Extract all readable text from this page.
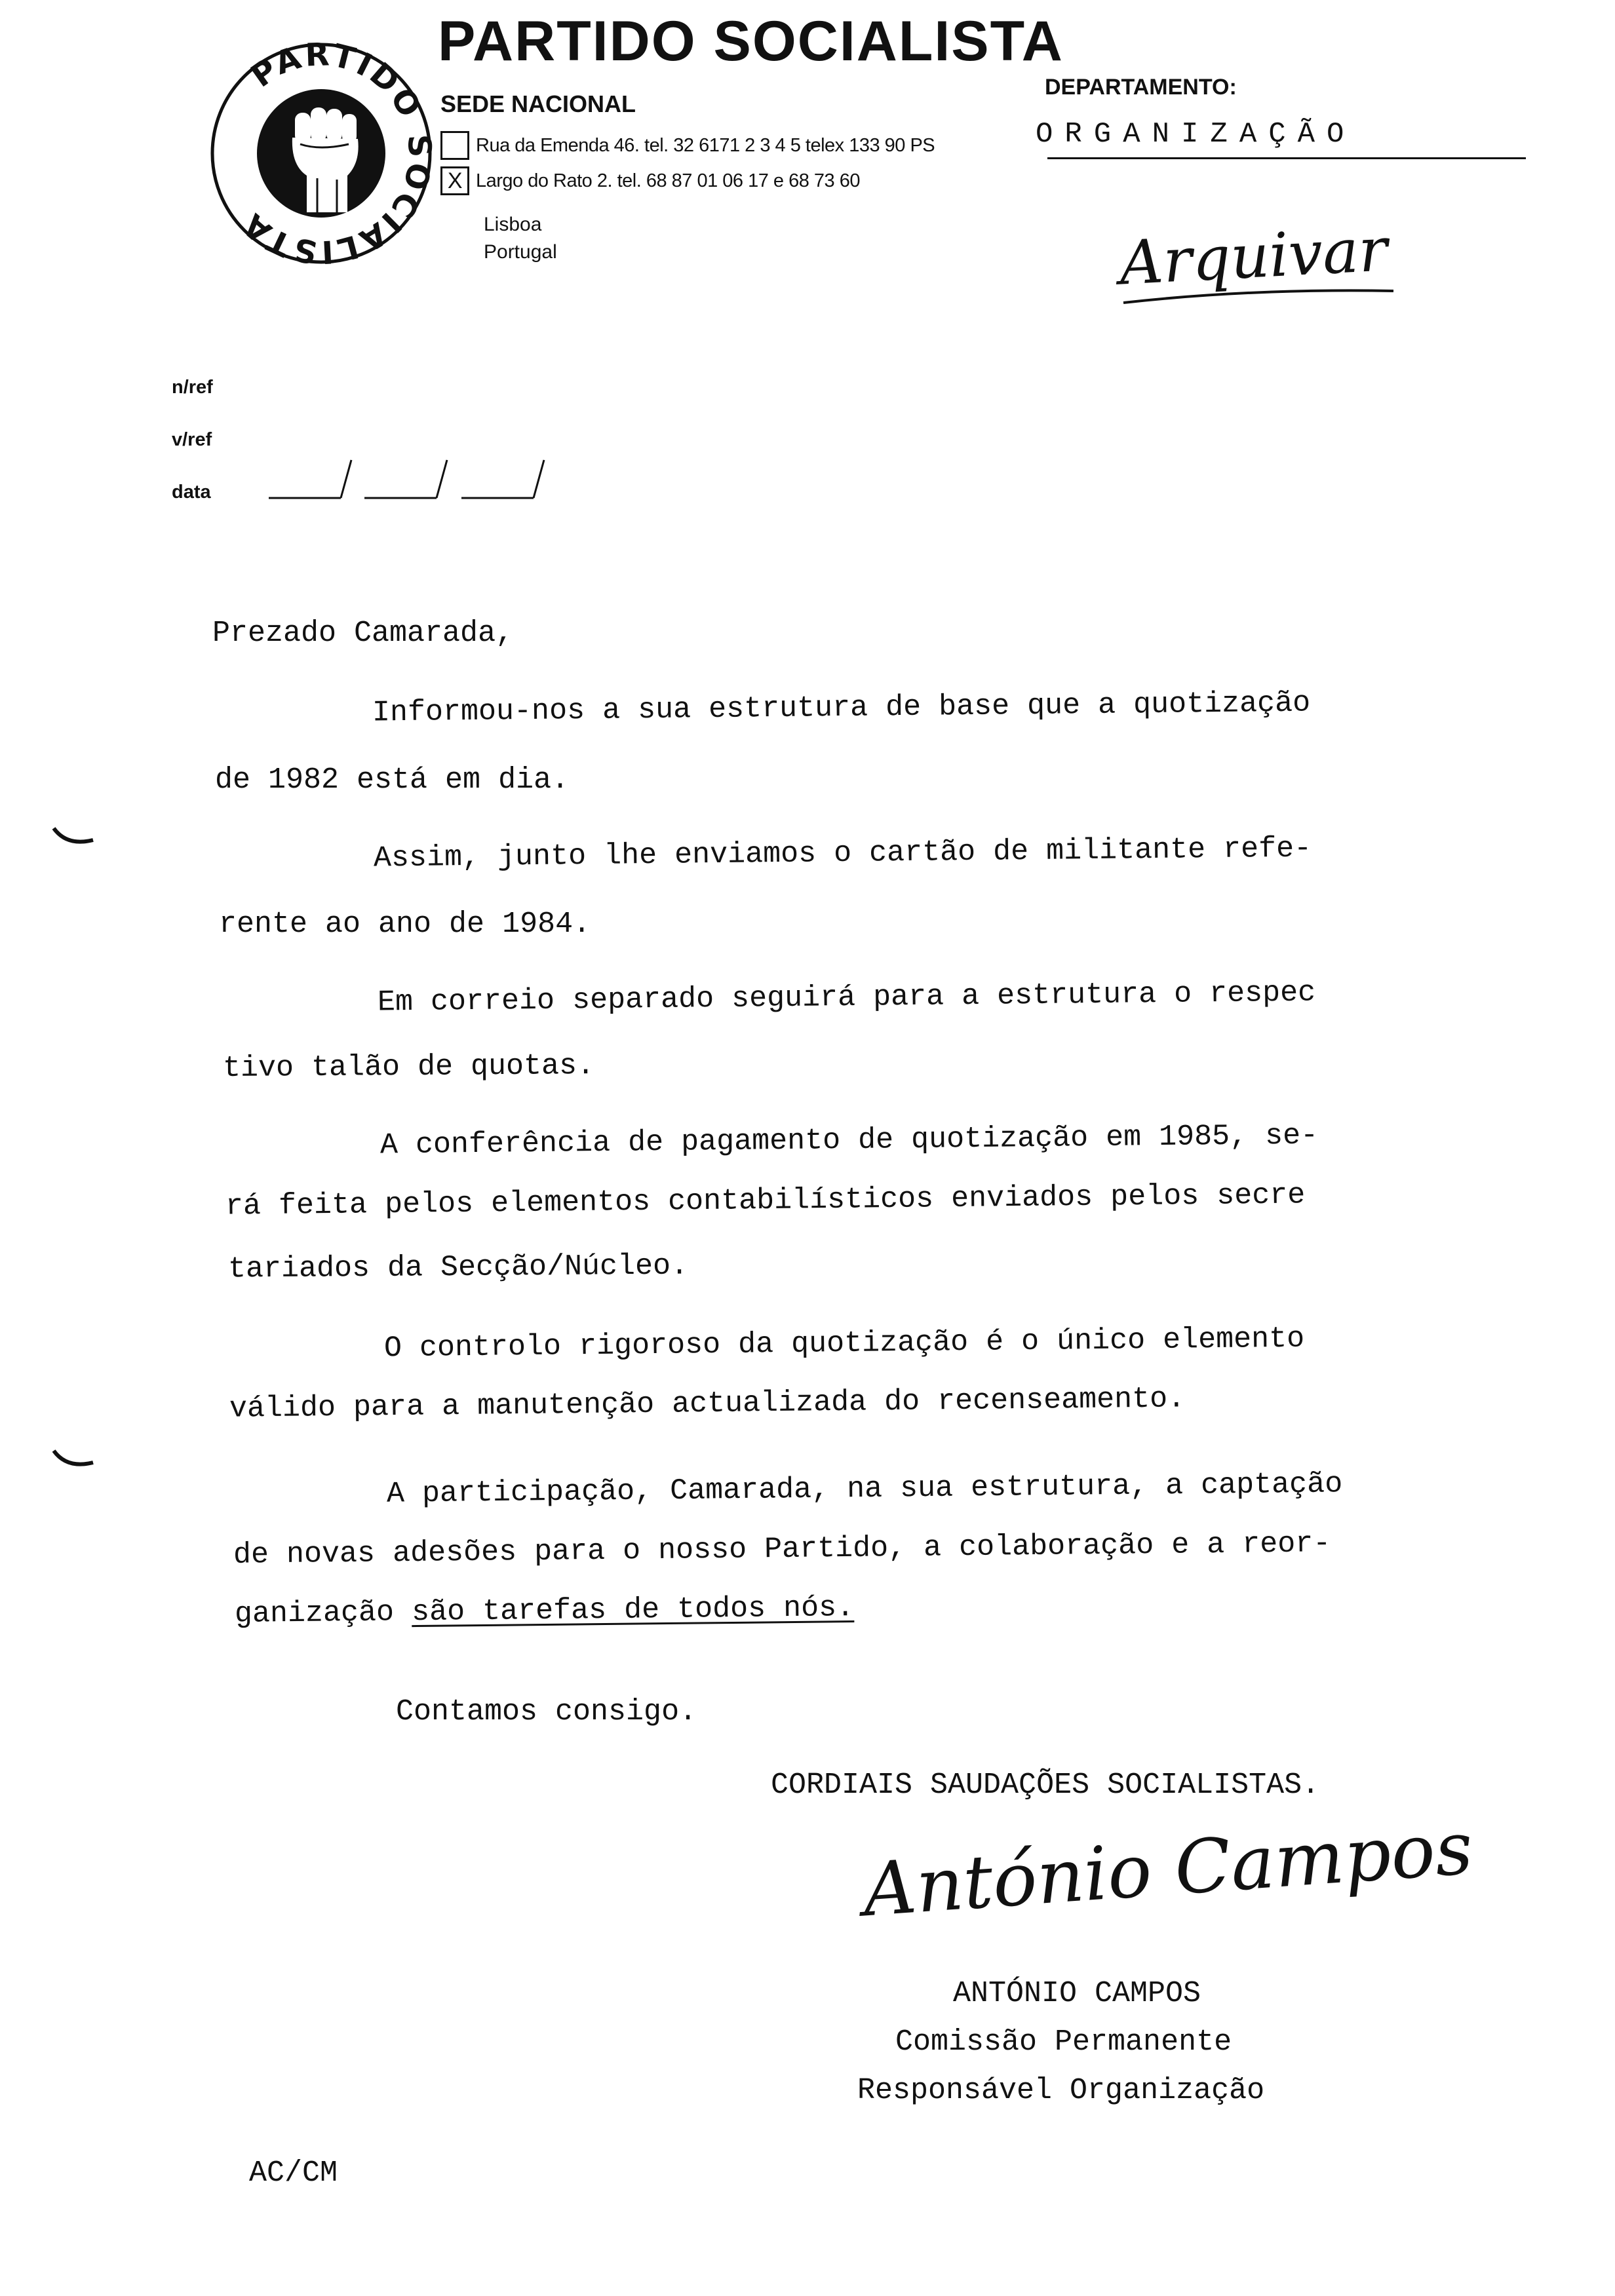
PARTIDO OCIALISTA
PARTIDO SOCIALISTA
SEDE NACIONAL
DEPARTAMENTO:
ORGANIZAÇÃO
Rua da Emenda 46. tel. 32 6171 2 3 4 5 telex 133 90 PS
X Largo do Rato 2. tel. 68 87 01 06 17 e 68 73 60
Lisboa
Portugal	Arquivar
n/ref
v/ref
data
Prezado Camarada,
Informou-nos a sua estrutura de base que a quotização
de 1982 está em dia.
Assim, junto lhe enviamos o cartão de militante refe-
rente ao ano de 1984.
Em correio separado seguirá para a estrutura o respec
tivo talão de quotas.
A conferência de pagamento de quotização em 1985, se-
rá feita pelos elementos contabilísticos enviados pelos secre
tariados da Secção/Núcleo.
O controlo rigoroso da quotização é o único elemento
válido para a manutenção actualizada do recenseamento.
A participação, Camarada, na sua estrutura, a captação
de novas adesões para o nosso Partido, a colaboração e a reor-
ganização são tarefas de todos nós.
Contamos consigo.
CORDIAIS SAUDAÇÕES SOCIALISTAS.
António Campos
ANTÓNIO CAMPOS
Comissão Permanente
Responsável Organização
AC/CM
